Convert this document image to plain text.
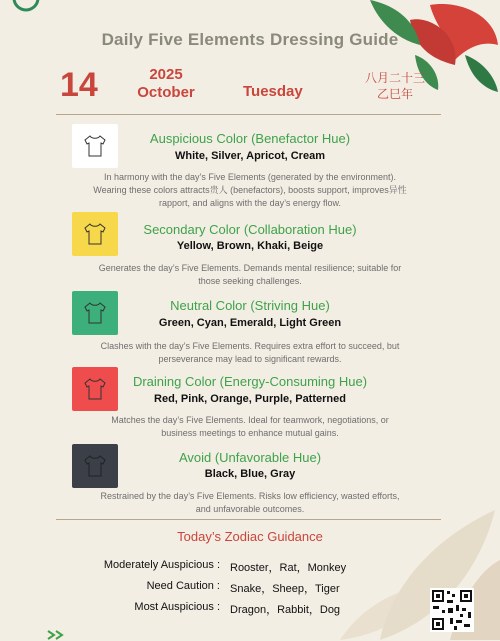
Daily Five Elements Dressing Guide
14	2025
October	Tuesday
八月二十三
乙巳年
Auspicious Color (Benefactor Hue)
White, Silver, Apricot, Cream
In harmony with the day’s Five Elements (generated by the environment).
Wearing these colors attracts贵人 (benefactors), boosts support, improves异性
rapport, and aligns with the day’s energy flow.
Secondary Color (Collaboration Hue)
Yellow, Brown, Khaki, Beige
Generates the day’s Five Elements. Demands mental resilience; suitable for
those seeking challenges.
Neutral Color (Striving Hue)
Green, Cyan, Emerald, Light Green
Clashes with the day’s Five Elements. Requires extra effort to succeed, but
perseverance may lead to significant rewards.
Draining Color (Energy-Consuming Hue)
Red, Pink, Orange, Purple, Patterned
Matches the day’s Five Elements. Ideal for teamwork, negotiations, or
business meetings to enhance mutual gains.
Avoid (Unfavorable Hue)
Black, Blue, Gray
Restrained by the day’s Five Elements. Risks low efficiency, wasted efforts,
and unfavorable outcomes.
Today’s Zodiac Guidance
Moderately Auspicious : Rooster，Rat，Monkey
Need Caution : Snake，Sheep，Tiger
Most Auspicious : Dragon，Rabbit，Dog
